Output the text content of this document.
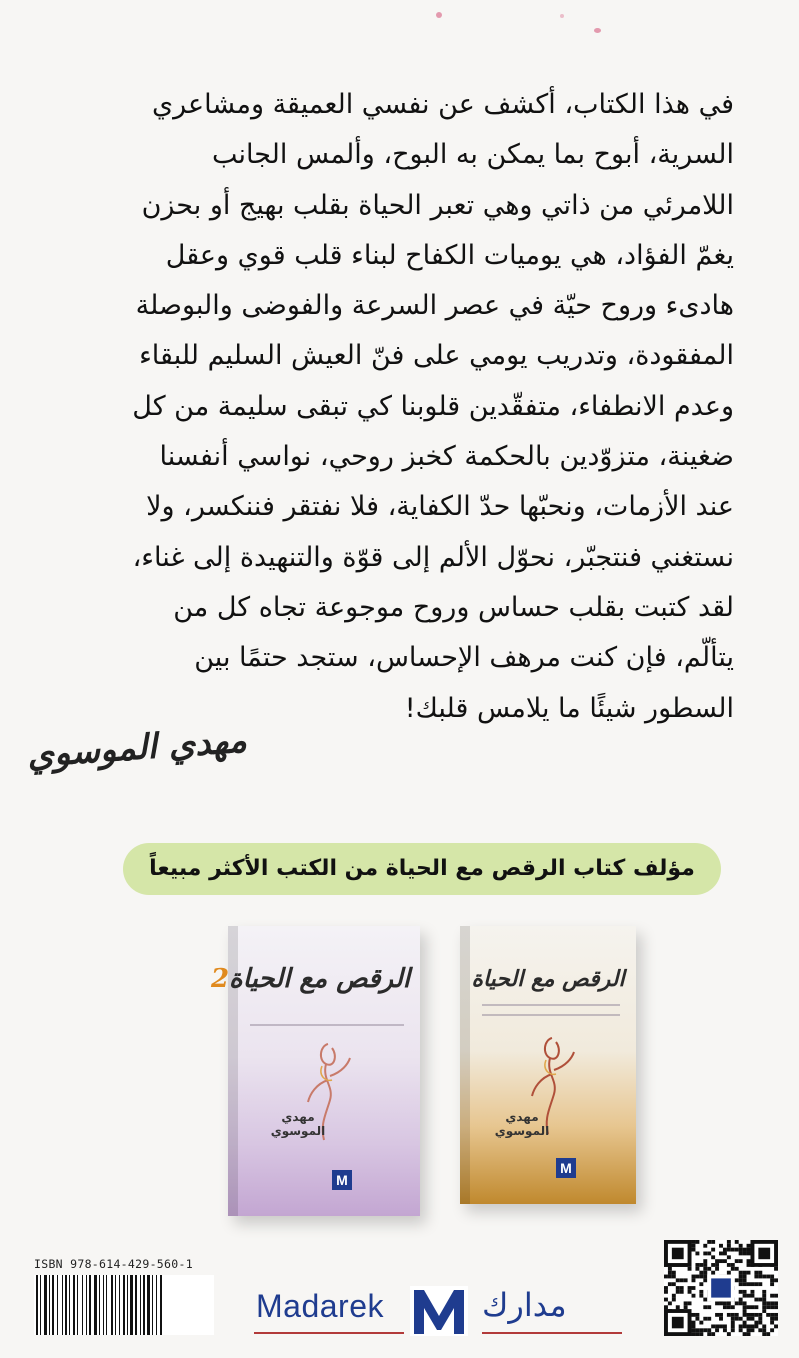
في هذا الكتاب، أكشف عن نفسي العميقة ومشاعري
السرية، أبوح بما يمكن به البوح، وألمس الجانب
اللامرئي من ذاتي وهي تعبر الحياة بقلب بهيج أو بحزن
يغمّ الفؤاد، هي يوميات الكفاح لبناء قلب قوي وعقل
هادىء وروح حيّة في عصر السرعة والفوضى والبوصلة
المفقودة، وتدريب يومي على فنّ العيش السليم للبقاء
وعدم الانطفاء، متفقّدين قلوبنا كي تبقى سليمة من كل
ضغينة، متزوّدين بالحكمة كخبز روحي، نواسي أنفسنا
عند الأزمات، ونحبّها حدّ الكفاية، فلا نفتقر فننكسر، ولا
نستغني فنتجبّر، نحوّل الألم إلى قوّة والتنهيدة إلى غناء،
لقد كتبت بقلب حساس وروح موجوعة تجاه كل من
يتألّم، فإن كنت مرهف الإحساس، ستجد حتمًا بين
السطور شيئًا ما يلامس قلبك!
مهدي الموسوي
مؤلف كتاب الرقص مع الحياة من الكتب الأكثر مبيعاً
الرقص مع الحياة2
مهدي الموسوي
M
الرقص مع الحياة
مهدي الموسوي
M
ISBN 978-614-429-560-1
Madarek	مدارك
